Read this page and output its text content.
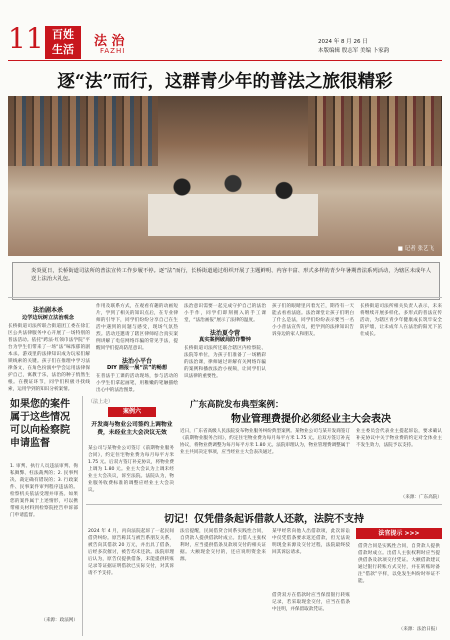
11 百姓
生活
法 治
FAZHI
2024 年 8 月 26 日
本版编辑 殷志军 美编 卜家韵
逐“法”而行，这群青少年的普法之旅很精彩
■ 记者 张艺飞
炎炎夏日，长桥街道司法所的普法宣传工作步履不停。逐“法”而行，长桥街道通过组织开展了主题鲜明、内容丰富、形式多样的青少年暑期普法系列活动，为辖区未成年人送上法治大礼包。
法治剧本杀
边学边玩树立法治观念
长桥街道司法所联合街道团工委在徐汇区公共法律服务中心开展了一场特别的普法活动。依托“跨法·红领巾法学院”平台为学生们带来了一场“法”味浓郁的剧本杀。游戏里的法律知识成为玩家们解锁线索的关键。孩子们在推理中学习法律条文，在角色扮演中学会运用法律保护自己，寓教于乐，法治的种子悄然生根。在搜证环节，同学们积极寻找线索，运用学到的知识分析案情。
作用及联系方式，在观看有趣的动画短片，学到了相关的知识点后，在专业律师的引导下，同学们纷纷分享自己在生活中遇到的问题与感受，现场气氛热烈。活动还邀请了辖区律师结合真实案例讲解了电信网络诈骗的常见手法，提醒同学们提高防范意识。
法治小平台
DIY 画报一展“法”的畅想
在普法手工课的活动现场，参与活动的小学生们拿起画笔，用稚嫩的笔触描绘出心中的法治图景。
法治意识需要一起完成守护自己的法治小手作，同学们即刻拥入的手工课堂，“法治画报”展示了法律的温度。
法治夏令营
真实案例破局防诈警钟
长桥街道司法所还联合辖区内检察院、法院等单位，为孩子们准备了一场精彩的法治课，律师通过讲解有关网络诈骗的案例和播放法治小视频，让同学们认识法律的重要性。
孩子们的眼睛里闪着光芒，期待有一天能去看看法庭。法治课堂让孩子们明白了什么是法，同学们纷纷表示要当一名小小普法宣传员，把学到的法律知识告诉身边的家人和朋友。
长桥街道司法所相关负责人表示，未来将继续开展多样化、多形式的普法宣传活动，为辖区青少年健康成长筑牢安全防护墙，让未成年人在法治的阳光下茁壮成长。
如果您的案件属于这些情况可以向检察院申请监督
1. 审判、执行人员违法审判、徇私舞弊、枉法裁判的；2. 民事判决、裁定确有错误的；3. 行政案件、民事案件审判程序违法的。检察机关依法受理并审查。如果您的案件属于上述情形，可以携带相关材料到检察院控告申诉部门申请监督。
（来源：政法网）
（法上走）
案例六
开发商与物业公司签约上调物业费，未经业主大会决议无效
某公司与某物业公司签订《前期物业服务合同》，约定住宅物业费为每月每平方米 1.75 元。后双方签订补充协议，将物业费上调为 1.80 元。业主大会认为上调未经业主大会决议，诉至法院。法院认为，物业服务收费标准的调整应经业主大会决议。
广东高院发布典型案例：
物业管理费提价必须经业主大会表决
近日，广东省高级人民法院发布物业服务纠纷典型案例。某物业公司与某开发商签订《前期物业服务合同》，约定住宅物业费为每月每平方米 1.75 元。后双方签订补充协议，将物业费调整为每月每平方米 1.80 元。法院审理认为，物业管理费调整属于业主共同决定事项，应当经业主大会表决通过。
业主委员会代表业主提起诉讼，要求确认补充协议中关于物业费的约定对全体业主不发生效力，法院予以支持。
（来源：广东高院）
切记！仅凭借条起诉借款人还款，法院不支持
2024 年 4 月，丙向法院起诉了一起民间借贷纠纷。原告称其与被告系朋友关系，被告向其借款 20 万元，并出具了借条，后经多次催讨，被告均未还款。法院审理后认为，原告仅提供借条，未能提供转账记录等证据证明借款已实际交付，对其诉请不予支持。
法官提醒，民间借贷合同系实践性合同，自贷款人提供借款时成立。出借人主张权利时，应当提供借条及款项交付的相关证据。大额现金交付的，还应说明资金来源。
某甲经常向他人出借款项，此次诉讼中仅凭借条要求返还借款，但无法说明现金来源及交付过程，法院最终驳回其诉讼请求。
借贷双方在借款时应当保留银行转账记录，若采取现金交付，应当在借条中注明，并保留取款凭证。
法官提示 >>>
借贷合同是实践性合同，自贷款人提供借款时成立。出借人主张权利时应当提供借条及款项交付凭证。大额借款建议通过银行转账方式交付，并在转账时备注“借款”字样，以免发生纠纷时举证不能。
（来源：法治日报）
